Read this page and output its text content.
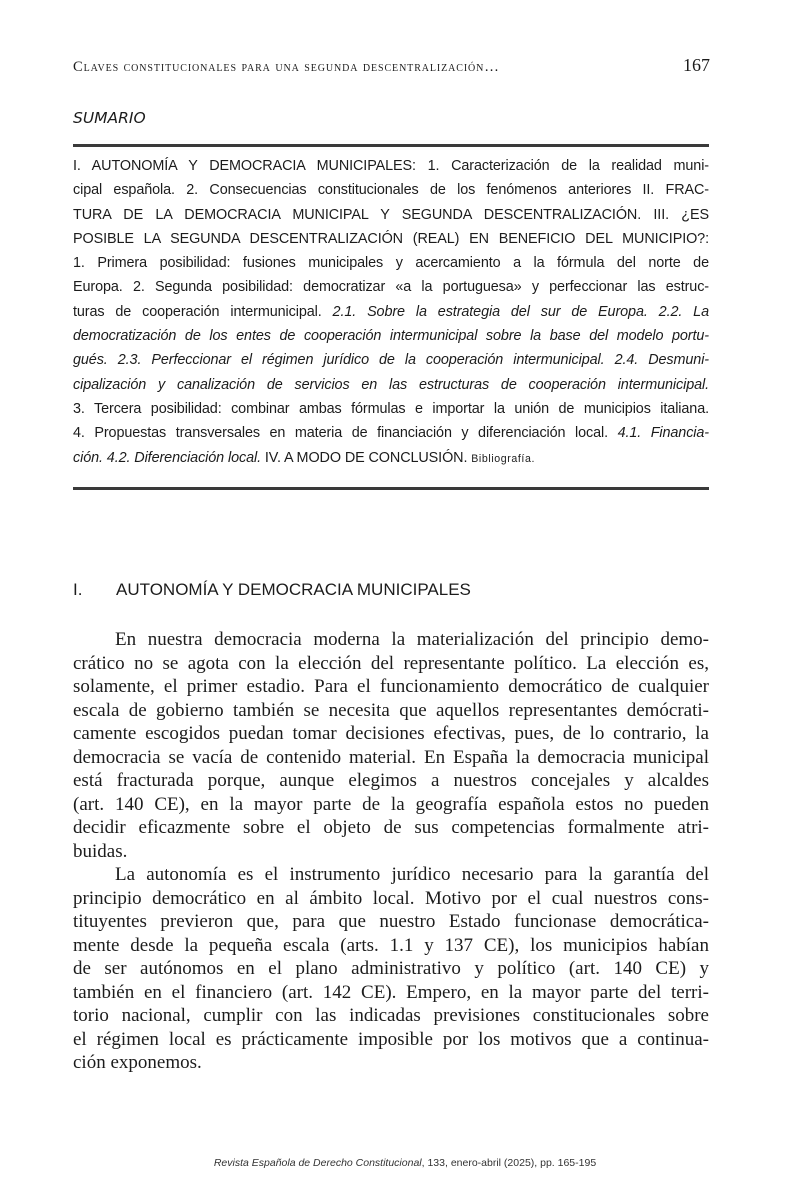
Claves constitucionales para una segunda descentralización…	167
SUMARIO
I. AUTONOMÍA Y DEMOCRACIA MUNICIPALES: 1. Caracterización de la realidad muni-
cipal española. 2. Consecuencias constitucionales de los fenómenos anteriores II. FRAC-
TURA DE LA DEMOCRACIA MUNICIPAL Y SEGUNDA DESCENTRALIZACIÓN. III. ¿ES
POSIBLE LA SEGUNDA DESCENTRALIZACIÓN (REAL) EN BENEFICIO DEL MUNICIPIO?:
1. Primera posibilidad: fusiones municipales y acercamiento a la fórmula del norte de
Europa. 2. Segunda posibilidad: democratizar «a la portuguesa» y perfeccionar las estruc-
turas de cooperación intermunicipal. 2.1. Sobre la estrategia del sur de Europa. 2.2. La
democratización de los entes de cooperación intermunicipal sobre la base del modelo portu-
gués. 2.3. Perfeccionar el régimen jurídico de la cooperación intermunicipal. 2.4. Desmuni-
cipalización y canalización de servicios en las estructuras de cooperación intermunicipal.
3. Tercera posibilidad: combinar ambas fórmulas e importar la unión de municipios italiana.
4. Propuestas transversales en materia de financiación y diferenciación local. 4.1. Financia-
ción. 4.2. Diferenciación local. IV. A MODO DE CONCLUSIÓN. Bibliografía.
I. AUTONOMÍA Y DEMOCRACIA MUNICIPALES
En nuestra democracia moderna la materialización del principio demo-
crático no se agota con la elección del representante político. La elección es,
solamente, el primer estadio. Para el funcionamiento democrático de cualquier
escala de gobierno también se necesita que aquellos representantes demócrati-
camente escogidos puedan tomar decisiones efectivas, pues, de lo contrario, la
democracia se vacía de contenido material. En España la democracia municipal
está fracturada porque, aunque elegimos a nuestros concejales y alcaldes
(art. 140 CE), en la mayor parte de la geografía española estos no pueden
decidir eficazmente sobre el objeto de sus competencias formalmente atri-
buidas.
La autonomía es el instrumento jurídico necesario para la garantía del
principio democrático en al ámbito local. Motivo por el cual nuestros cons-
tituyentes previeron que, para que nuestro Estado funcionase democrática-
mente desde la pequeña escala (arts. 1.1 y 137 CE), los municipios habían
de ser autónomos en el plano administrativo y político (art. 140 CE) y
también en el financiero (art. 142 CE). Empero, en la mayor parte del terri-
torio nacional, cumplir con las indicadas previsiones constitucionales sobre
el régimen local es prácticamente imposible por los motivos que a continua-
ción exponemos.
Revista Española de Derecho Constitucional, 133, enero-abril (2025), pp. 165-195
